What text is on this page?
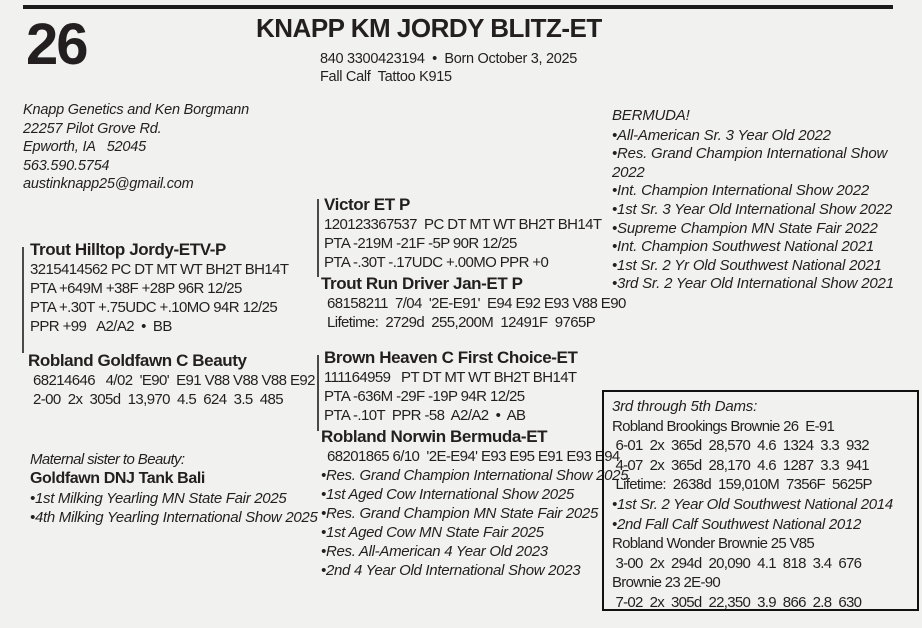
26	KNAPP KM JORDY BLITZ-ET
840 3300423194  •  Born October 3, 2025
Fall Calf  Tattoo K915
Knapp Genetics and Ken Borgmann
22257 Pilot Grove Rd.
Epworth, IA   52045
563.590.5754
austinknapp25@gmail.com
BERMUDA!
•All-American Sr. 3 Year Old 2022
•Res. Grand Champion International Show 2022
•Int. Champion International Show 2022
•1st Sr. 3 Year Old International Show 2022
•Supreme Champion MN State Fair 2022
•Int. Champion Southwest National 2021
•1st Sr. 2 Yr Old Southwest National 2021
•3rd Sr. 2 Year Old International Show 2021
Trout Hilltop Jordy-ETV-P
3215414562 PC DT MT WT BH2T BH14T
PTA +649M +38F +28P 96R 12/25
PTA +.30T +.75UDC +.10MO 94R 12/25
PPR +99   A2/A2  •  BB
Robland Goldfawn C Beauty
68214646   4/02  'E90'  E91 V88 V88 V88 E92
2-00  2x  305d  13,970  4.5  624  3.5  485
Maternal sister to Beauty:
Goldfawn DNJ Tank Bali
•1st Milking Yearling MN State Fair 2025
•4th Milking Yearling International Show 2025
Victor ET P
120123367537  PC DT MT WT BH2T BH14T
PTA -219M -21F -5P 90R 12/25
PTA -.30T -.17UDC +.00MO PPR +0
Trout Run Driver Jan-ET P
68158211  7/04  '2E-E91'  E94 E92 E93 V88 E90
Lifetime:  2729d  255,200M  12491F  9765P
Brown Heaven C First Choice-ET
111164959   PT DT MT WT BH2T BH14T
PTA -636M -29F -19P 94R 12/25
PTA -.10T  PPR -58  A2/A2  •  AB
Robland Norwin Bermuda-ET
68201865 6/10  '2E-E94' E93 E95 E91 E93 E94
•Res. Grand Champion International Show 2025
•1st Aged Cow International Show 2025
•Res. Grand Champion MN State Fair 2025
•1st Aged Cow MN State Fair 2025
•Res. All-American 4 Year Old 2023
•2nd 4 Year Old International Show 2023
3rd through 5th Dams:
Robland Brookings Brownie 26  E-91
6-01  2x  365d  28,570  4.6  1324  3.3  932
4-07  2x  365d  28,170  4.6  1287  3.3  941
Lifetime:  2638d  159,010M  7356F  5625P
•1st Sr. 2 Year Old Southwest National 2014
•2nd Fall Calf Southwest National 2012
Robland Wonder Brownie 25 V85
3-00  2x  294d  20,090  4.1  818  3.4  676
Brownie 23 2E-90
7-02  2x  305d  22,350  3.9  866  2.8  630
